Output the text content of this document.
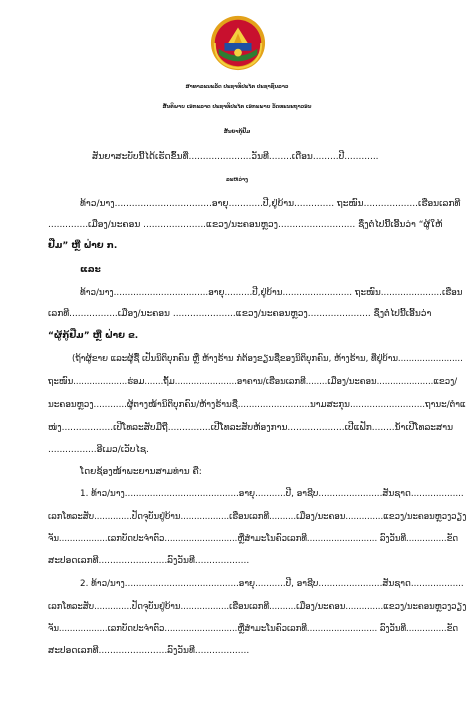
ສາທາລະນະລັດ ປະຊາທິປະໄຕ ປະຊາຊົນລາວ
ສັນຕິພາບ ເອກະລາດ ປະຊາທິປະໄຕ ເອກະພາບ ວັດທະນະຖາວອນ
ສັນຍາກູ້ຢືມ
ສັນຍາສະບັບນີ້ໄດ້ເຮັດຂຶ້ນທີ່......................ວັນທີ........ເດືອນ.........ປີ............
ລະຫວ່າງ
ທ້າວ/ນາງ..................................ອາຍຸ............ປີ,ຢູ່ບ້ານ.............. ຖະໜົນ...................ເຮືອນເລກທີ
..............ເມືອງ/ນະຄອນ ......................ແຂວງ/ນະຄອນຫຼວງ........................... ຊຶ່ງຕໍ່ໄປນີ້ເອີ້ນວ່າ “ຜູ້ໃຫ້
ຢືມ” ຫຼື ຝ່າຍ ກ.
ແລະ
ທ້າວ/ນາງ..................................ອາຍຸ..........ປີ,ຢູ່ບ້ານ......................... ຖະໜົນ......................ເຮືອນ
ເລກທີ.................ເມືອງ/ນະຄອນ ......................ແຂວງ/ນະຄອນຫຼວງ...................... ຊຶ່ງຕໍ່ໄປນີ້ເອີ້ນວ່າ
“ຜູ້ກູ້ຢືມ” ຫຼື ຝ່າຍ ຂ.
(ຖ້າຜູ້ຂາຍ ແລະຜູ້ຊື້ ເປັນນິຕິບຸກຄົນ ຫຼື ຫ້າງຮ້ານ ກໍຕ້ອງຂຽນຊື່ຂອງນິຕິບຸກຄົນ, ຫ້າງຮ້ານ, ທີ່ຢູ່ບ້ານ........................
ຖະໜົນ....................ຮ່ອມ.......ຖັ້ມ.......................ອາຄານ/ເຮືອນເລກທີ........ເມືອງ/ນະຄອນ.....................ແຂວງ/
ນະຄອນຫຼວງ............ຜູ້ຕາງໜ້ານິຕິບຸກຄົນ/ຫ້າງຮ້ານຊື່..........................ນາມສະກຸນ...........................ຖານະ/ຕໍາແ
ໜ່ງ..................ເປີໂທລະສັບມືຖື...............ເປີໂທລະສັບຫ້ອງການ....................ເປີແຟັກ........ນໍ້າເປີໂທລະສານ
.................ອີເມວ/ເວັບໄຊ.
ໂດຍຊ້ອງໜ້າພະຍານສາມທ່ານ ຄື:
1. ທ້າວ/ນາງ.........................................ອາຍຸ...........ປີ, ອາຊີບ.......................ສັນຊາດ...................
ເລກໂທລະສັບ..............ປັດຈຸບັນຢູ່ບ້ານ..................ເຮືອນເລກທີ..........ເມືອງ/ນະຄອນ..............ແຂວງ/ນະຄອນຫຼວງວຽງ
ຈັນ..................ເລກບັດປະຈໍາຕົວ...........................ຫຼືສໍາມະໂນຄົວເລກທີ.......................... ລົງວັນທີ...............ຂັດ
ສະປອດເລກທີ........................ລົງວັນທີ...................
2. ທ້າວ/ນາງ.........................................ອາຍຸ...........ປີ, ອາຊີບ.......................ສັນຊາດ...................
ເລກໂທລະສັບ..............ປັດຈຸບັນຢູ່ບ້ານ..................ເຮືອນເລກທີ..........ເມືອງ/ນະຄອນ..............ແຂວງ/ນະຄອນຫຼວງວຽງ
ຈັນ..................ເລກບັດປະຈໍາຕົວ...........................ຫຼືສໍາມະໂນຄົວເລກທີ.......................... ລົງວັນທີ...............ຂັດ
ສະປອດເລກທີ........................ລົງວັນທີ...................
